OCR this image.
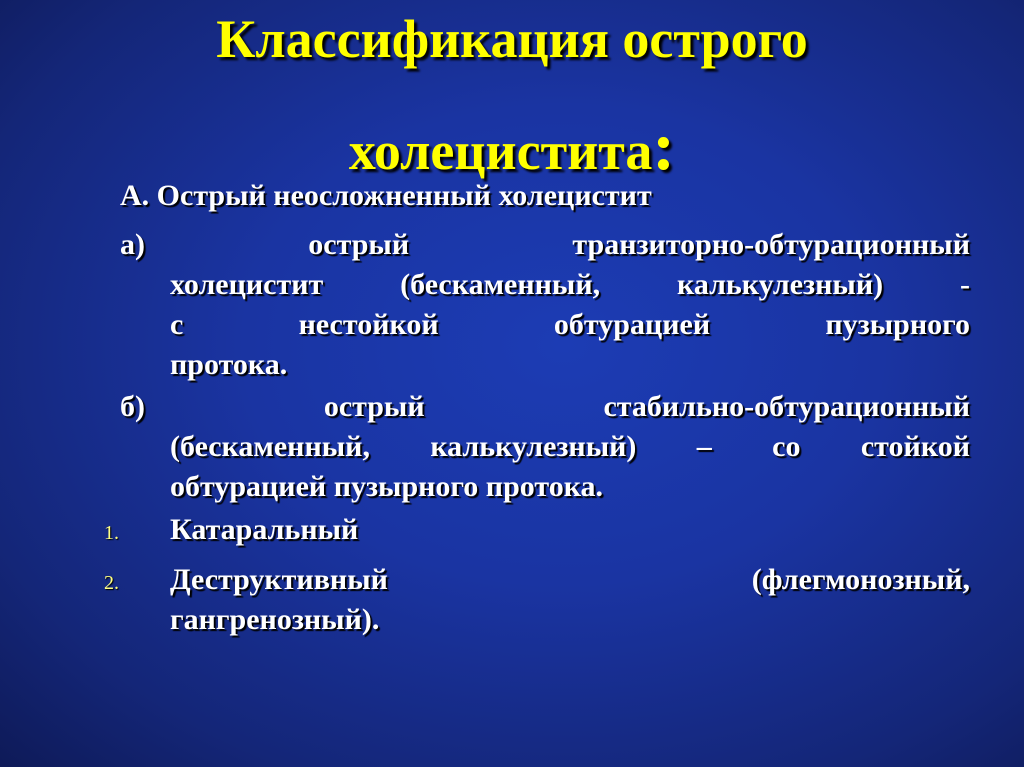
Классификация острого
холецистита:

А. Острый неосложненный холецистит

а)	острый	транзиторно-обтурационный
холецистит (бескаменный, калькулезный) -
с нестойкой обтурацией пузырного
протока.
б)	острый	стабильно-обтурационный
(бескаменный, калькулезный) – со стойкой
обтурацией пузырного протока.
1. Катаральный
2. Деструктивный	(флегмонозный,
гангренозный).
